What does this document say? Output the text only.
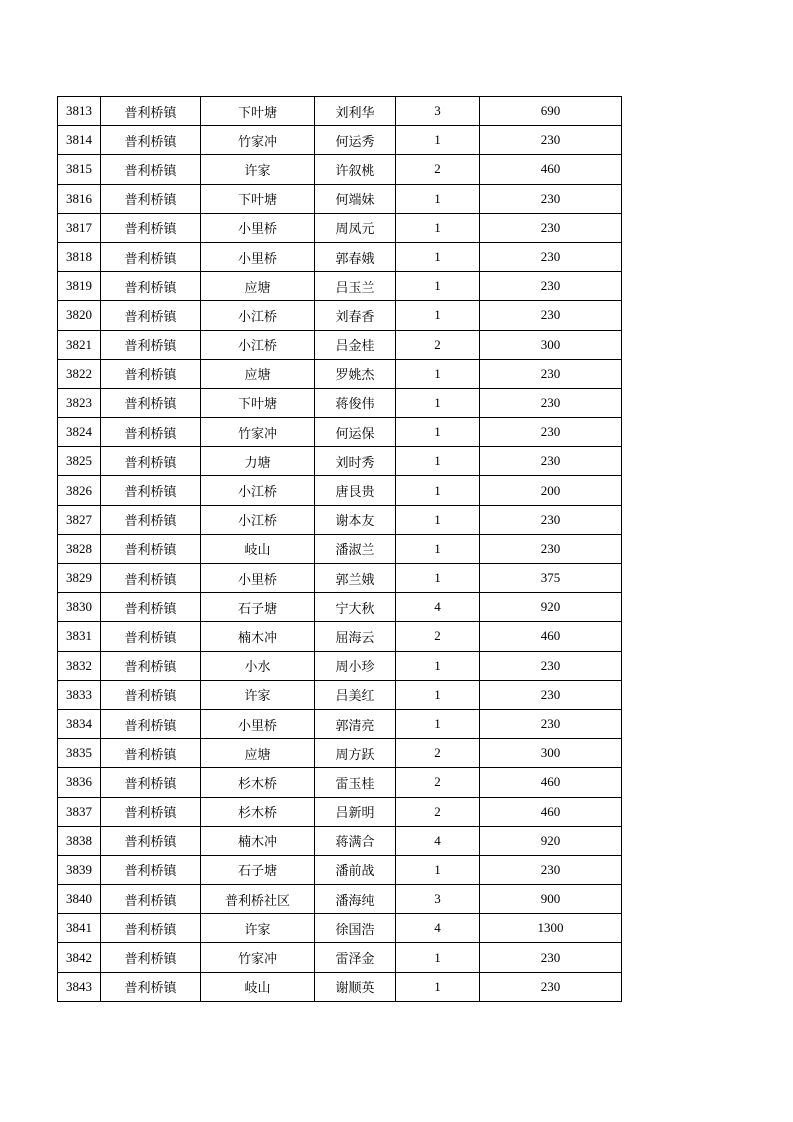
3813	普利桥镇	下叶塘	刘利华	3	690
3814	普利桥镇	竹家冲	何运秀	1	230
3815	普利桥镇	许家	许叙桃	2	460
3816	普利桥镇	下叶塘	何端妹	1	230
3817	普利桥镇	小里桥	周凤元	1	230
3818	普利桥镇	小里桥	郭春娥	1	230
3819	普利桥镇	应塘	吕玉兰	1	230
3820	普利桥镇	小江桥	刘春香	1	230
3821	普利桥镇	小江桥	吕金桂	2	300
3822	普利桥镇	应塘	罗姚杰	1	230
3823	普利桥镇	下叶塘	蒋俊伟	1	230
3824	普利桥镇	竹家冲	何运保	1	230
3825	普利桥镇	力塘	刘时秀	1	230
3826	普利桥镇	小江桥	唐艮贵	1	200
3827	普利桥镇	小江桥	谢本友	1	230
3828	普利桥镇	岐山	潘淑兰	1	230
3829	普利桥镇	小里桥	郭兰娥	1	375
3830	普利桥镇	石子塘	宁大秋	4	920
3831	普利桥镇	楠木冲	屈海云	2	460
3832	普利桥镇	小水	周小珍	1	230
3833	普利桥镇	许家	吕美红	1	230
3834	普利桥镇	小里桥	郭清亮	1	230
3835	普利桥镇	应塘	周方跃	2	300
3836	普利桥镇	杉木桥	雷玉桂	2	460
3837	普利桥镇	杉木桥	吕新明	2	460
3838	普利桥镇	楠木冲	蒋满合	4	920
3839	普利桥镇	石子塘	潘前战	1	230
3840	普利桥镇	普利桥社区	潘海纯	3	900
3841	普利桥镇	许家	徐国浩	4	1300
3842	普利桥镇	竹家冲	雷泽金	1	230
3843	普利桥镇	岐山	谢顺英	1	230
